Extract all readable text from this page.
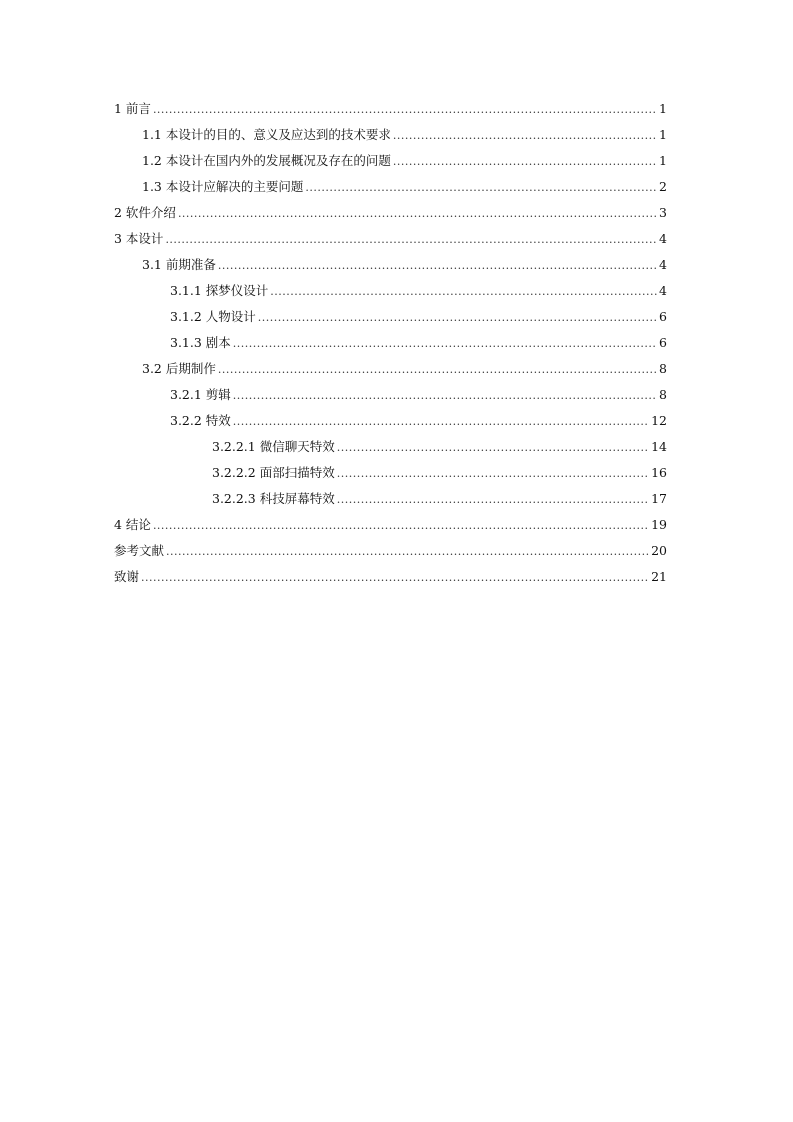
1 前言 .....	1
1.1 本设计的目的、意义及应达到的技术要求 .....	1
1.2 本设计在国内外的发展概况及存在的问题 .....	1
1.3 本设计应解决的主要问题 .....	2
2 软件介绍 .....	3
3 本设计 .....	4
3.1 前期准备 .....	4
3.1.1 探梦仪设计 .....	4
3.1.2 人物设计 .....	6
3.1.3 剧本 .....	6
3.2 后期制作 .....	8
3.2.1 剪辑 .....	8
3.2.2 特效 .....	12
3.2.2.1 微信聊天特效 .....	14
3.2.2.2 面部扫描特效 .....	16
3.2.2.3 科技屏幕特效 .....	17
4 结论 .....	19
参考文献 .....	20
致谢 .....	21
